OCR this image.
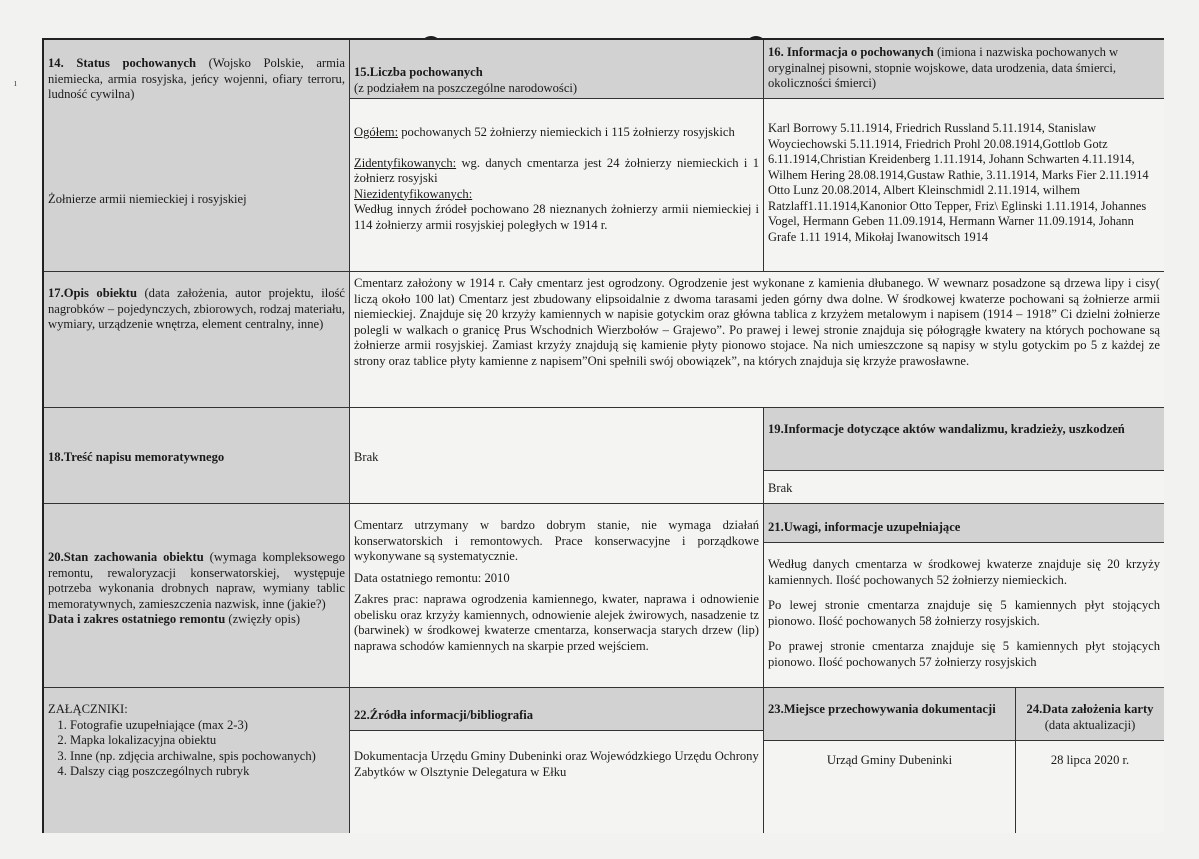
ı
14. Status pochowanych (Wojsko Polskie, armia niemiecka, armia rosyjska, jeńcy wojenni, ofiary terroru, ludność cywilna)
Żołnierze armii niemieckiej i rosyjskiej
15.Liczba pochowanych
(z podziałem na poszczególne narodowości)
Ogółem: pochowanych 52 żołnierzy niemieckich i 115 żołnierzy rosyjskich
Zidentyfikowanych: wg. danych cmentarza jest 24 żołnierzy niemieckich i 1 żołnierz rosyjski
Niezidentyfikowanych:
Według innych źródeł pochowano 28 nieznanych żołnierzy armii niemieckiej i 114 żołnierzy armii rosyjskiej poległych w 1914 r.
16. Informacja o pochowanych (imiona i nazwiska pochowanych w oryginalnej pisowni, stopnie wojskowe, data urodzenia, data śmierci, okoliczności śmierci)
Karl Borrowy 5.11.1914, Friedrich Russland 5.11.1914, Stanislaw Woyciechowski 5.11.1914, Friedrich Prohl 20.08.1914,Gottlob Gotz 6.11.1914,Christian Kreidenberg 1.11.1914, Johann Schwarten 4.11.1914, Wilhem Hering 28.08.1914,Gustaw Rathie, 3.11.1914, Marks Fier 2.11.1914 Otto Lunz 20.08.2014, Albert Kleinschmidl 2.11.1914, wilhem Ratzlaff1.11.1914,Kanonior Otto Tepper, Friz\ Eglinski 1.11.1914, Johannes Vogel, Hermann Geben 11.09.1914, Hermann Warner 11.09.1914, Johann Grafe 1.11 1914, Mikołaj Iwanowitsch 1914
17.Opis obiektu (data założenia, autor projektu, ilość nagrobków – pojedynczych, zbiorowych, rodzaj materiału, wymiary, urządzenie wnętrza, element centralny, inne)
Cmentarz założony w 1914 r. Cały cmentarz jest ogrodzony. Ogrodzenie jest wykonane z kamienia dłubanego. W wewnarz posadzone są drzewa lipy i cisy( liczą około 100 lat) Cmentarz jest zbudowany elipsoidalnie z dwoma tarasami jeden górny dwa dolne. W środkowej kwaterze pochowani są żołnierze armii niemieckiej. Znajduje się 20 krzyży kamiennych w napisie gotyckim oraz główna tablica z krzyżem metalowym i napisem (1914 – 1918” Ci dzielni żołnierze polegli w walkach o granicę Prus Wschodnich Wierzbołów – Grajewo”. Po prawej i lewej stronie znajduja się półogrągłe kwatery na których pochowane są żołnierze armii rosyjskiej. Zamiast krzyży znajdują się kamienie płyty pionowo stojace. Na nich umieszczone są napisy w stylu gotyckim po 5 z każdej ze strony oraz tablice płyty kamienne z napisem”Oni spełnili swój obowiązek”, na których znajduja się krzyże prawosławne.
18.Treść napisu memoratywnego	Brak
19.Informacje dotyczące aktów wandalizmu, kradzieży, uszkodzeń
Brak
20.Stan zachowania obiektu (wymaga kompleksowego remontu, rewaloryzacji konserwatorskiej, występuje potrzeba wykonania drobnych napraw, wymiany tablic memoratywnych, zamieszczenia nazwisk, inne (jakie?)
Data i zakres ostatniego remontu (zwięzły opis)
Cmentarz utrzymany w bardzo dobrym stanie, nie wymaga działań konserwatorskich i remontowych. Prace konserwacyjne i porządkowe wykonywane są systematycznie.
Data ostatniego remontu: 2010
Zakres prac: naprawa ogrodzenia kamiennego, kwater, naprawa i odnowienie obelisku oraz krzyży kamiennych, odnowienie alejek żwirowych, nasadzenie tz (barwinek) w środkowej kwaterze cmentarza, konserwacja starych drzew (lip) naprawa schodów kamiennych na skarpie przed wejściem.
21.Uwagi, informacje uzupełniające
Według danych cmentarza w środkowej kwaterze znajduje się 20 krzyży kamiennych. Ilość pochowanych 52 żołnierzy niemieckich.
Po lewej stronie cmentarza znajduje się 5 kamiennych płyt stojących pionowo. Ilość pochowanych 58 żołnierzy rosyjskich.
Po prawej stronie cmentarza znajduje się 5 kamiennych płyt stojących pionowo. Ilość pochowanych 57 żołnierzy rosyjskich
ZAŁĄCZNIKI:
1. Fotografie uzupełniające (max 2-3)
2. Mapka lokalizacyjna obiektu
3. Inne (np. zdjęcia archiwalne, spis pochowanych)
4. Dalszy ciąg poszczególnych rubryk
22.Źródła informacji/bibliografia
Dokumentacja Urzędu Gminy Dubeninki oraz Wojewódzkiego Urzędu Ochrony Zabytków w Olsztynie Delegatura w Ełku
23.Miejsce przechowywania dokumentacji
Urząd Gminy Dubeninki
24.Data założenia karty (data aktualizacji)
28 lipca 2020 r.
